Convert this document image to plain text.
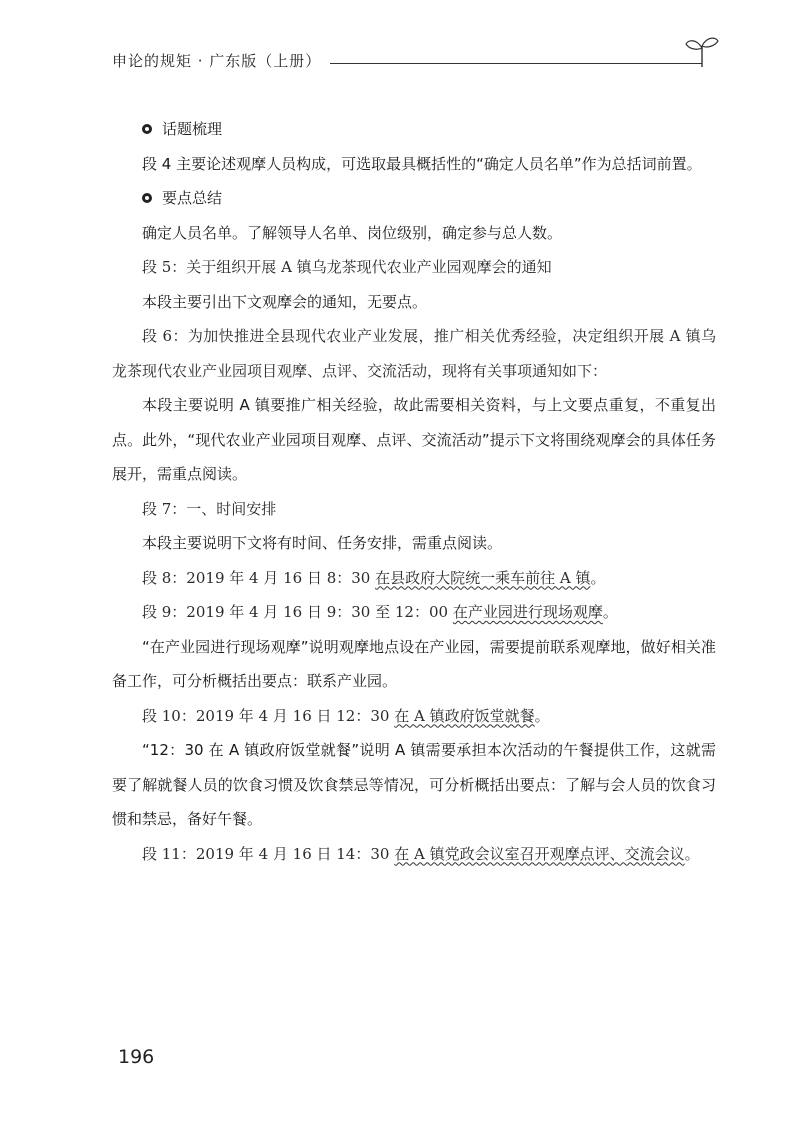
申论的规矩 · 广东版（上册）
话题梳理

段 4 主要论述观摩人员构成，可选取最具概括性的“确定人员名单”作为总括词前置。

要点总结

确定人员名单。了解领导人名单、岗位级别，确定参与总人数。

段 5：关于组织开展 A 镇乌龙茶现代农业产业园观摩会的通知

本段主要引出下文观摩会的通知，无要点。

段 6：为加快推进全县现代农业产业发展，推广相关优秀经验，决定组织开展 A 镇乌龙茶现代农业产业园项目观摩、点评、交流活动，现将有关事项通知如下：

本段主要说明 A 镇要推广相关经验，故此需要相关资料，与上文要点重复，不重复出点。此外，“现代农业产业园项目观摩、点评、交流活动”提示下文将围绕观摩会的具体任务展开，需重点阅读。

段 7：一、时间安排

本段主要说明下文将有时间、任务安排，需重点阅读。

段 8：2019 年 4 月 16 日 8：30 在县政府大院统一乘车前往 A 镇。

段 9：2019 年 4 月 16 日 9：30 至 12：00 在产业园进行现场观摩。

“在产业园进行现场观摩”说明观摩地点设在产业园，需要提前联系观摩地，做好相关准备工作，可分析概括出要点：联系产业园。

段 10：2019 年 4 月 16 日 12：30 在 A 镇政府饭堂就餐。

“12：30 在 A 镇政府饭堂就餐”说明 A 镇需要承担本次活动的午餐提供工作，这就需要了解就餐人员的饮食习惯及饮食禁忌等情况，可分析概括出要点：了解与会人员的饮食习惯和禁忌，备好午餐。

段 11：2019 年 4 月 16 日 14：30 在 A 镇党政会议室召开观摩点评、交流会议。

196
